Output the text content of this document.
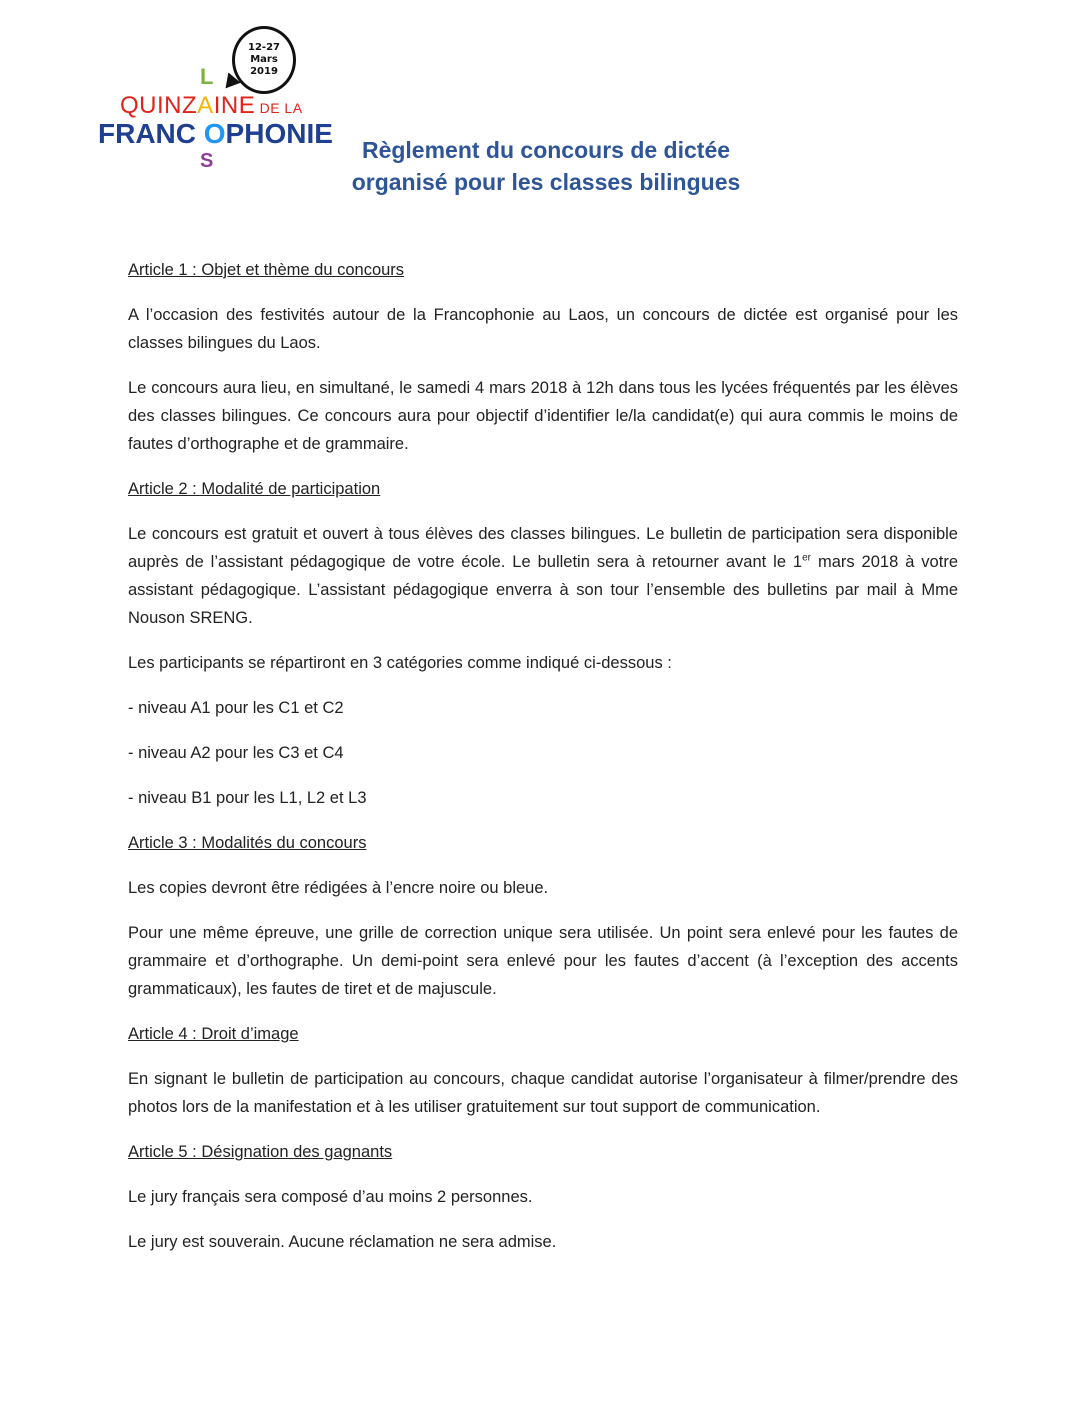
12-27
Mars
2019
L
QUINZAINE DE LA
FRANC OPHONIE
S	Règlement du concours de dictée
organisé pour les classes bilingues
Article 1 : Objet et thème du concours

A l’occasion des festivités autour de la Francophonie au Laos, un concours de dictée est organisé pour les classes bilingues du Laos.

Le concours aura lieu, en simultané, le samedi 4 mars 2018 à 12h dans tous les lycées fréquentés par les élèves des classes bilingues. Ce concours aura pour objectif d’identifier le/la candidat(e) qui aura commis le moins de fautes d’orthographe et de grammaire.

Article 2 : Modalité de participation

Le concours est gratuit et ouvert à tous élèves des classes bilingues. Le bulletin de participation sera disponible auprès de l’assistant pédagogique de votre école. Le bulletin sera à retourner avant le 1er mars 2018 à votre assistant pédagogique. L’assistant pédagogique enverra à son tour l’ensemble des bulletins par mail à Mme Nouson SRENG.

Les participants se répartiront en 3 catégories comme indiqué ci-dessous :

- niveau A1 pour les C1 et C2

- niveau A2 pour les C3 et C4

- niveau B1 pour les L1, L2 et L3

Article 3 : Modalités du concours

Les copies devront être rédigées à l’encre noire ou bleue.

Pour une même épreuve, une grille de correction unique sera utilisée. Un point sera enlevé pour les fautes de grammaire et d’orthographe. Un demi-point sera enlevé pour les fautes d’accent (à l’exception des accents grammaticaux), les fautes de tiret et de majuscule.

Article 4 : Droit d’image

En signant le bulletin de participation au concours, chaque candidat autorise l’organisateur à filmer/prendre des photos lors de la manifestation et à les utiliser gratuitement sur tout support de communication.

Article 5 : Désignation des gagnants

Le jury français sera composé d’au moins 2 personnes.

Le jury est souverain. Aucune réclamation ne sera admise.
